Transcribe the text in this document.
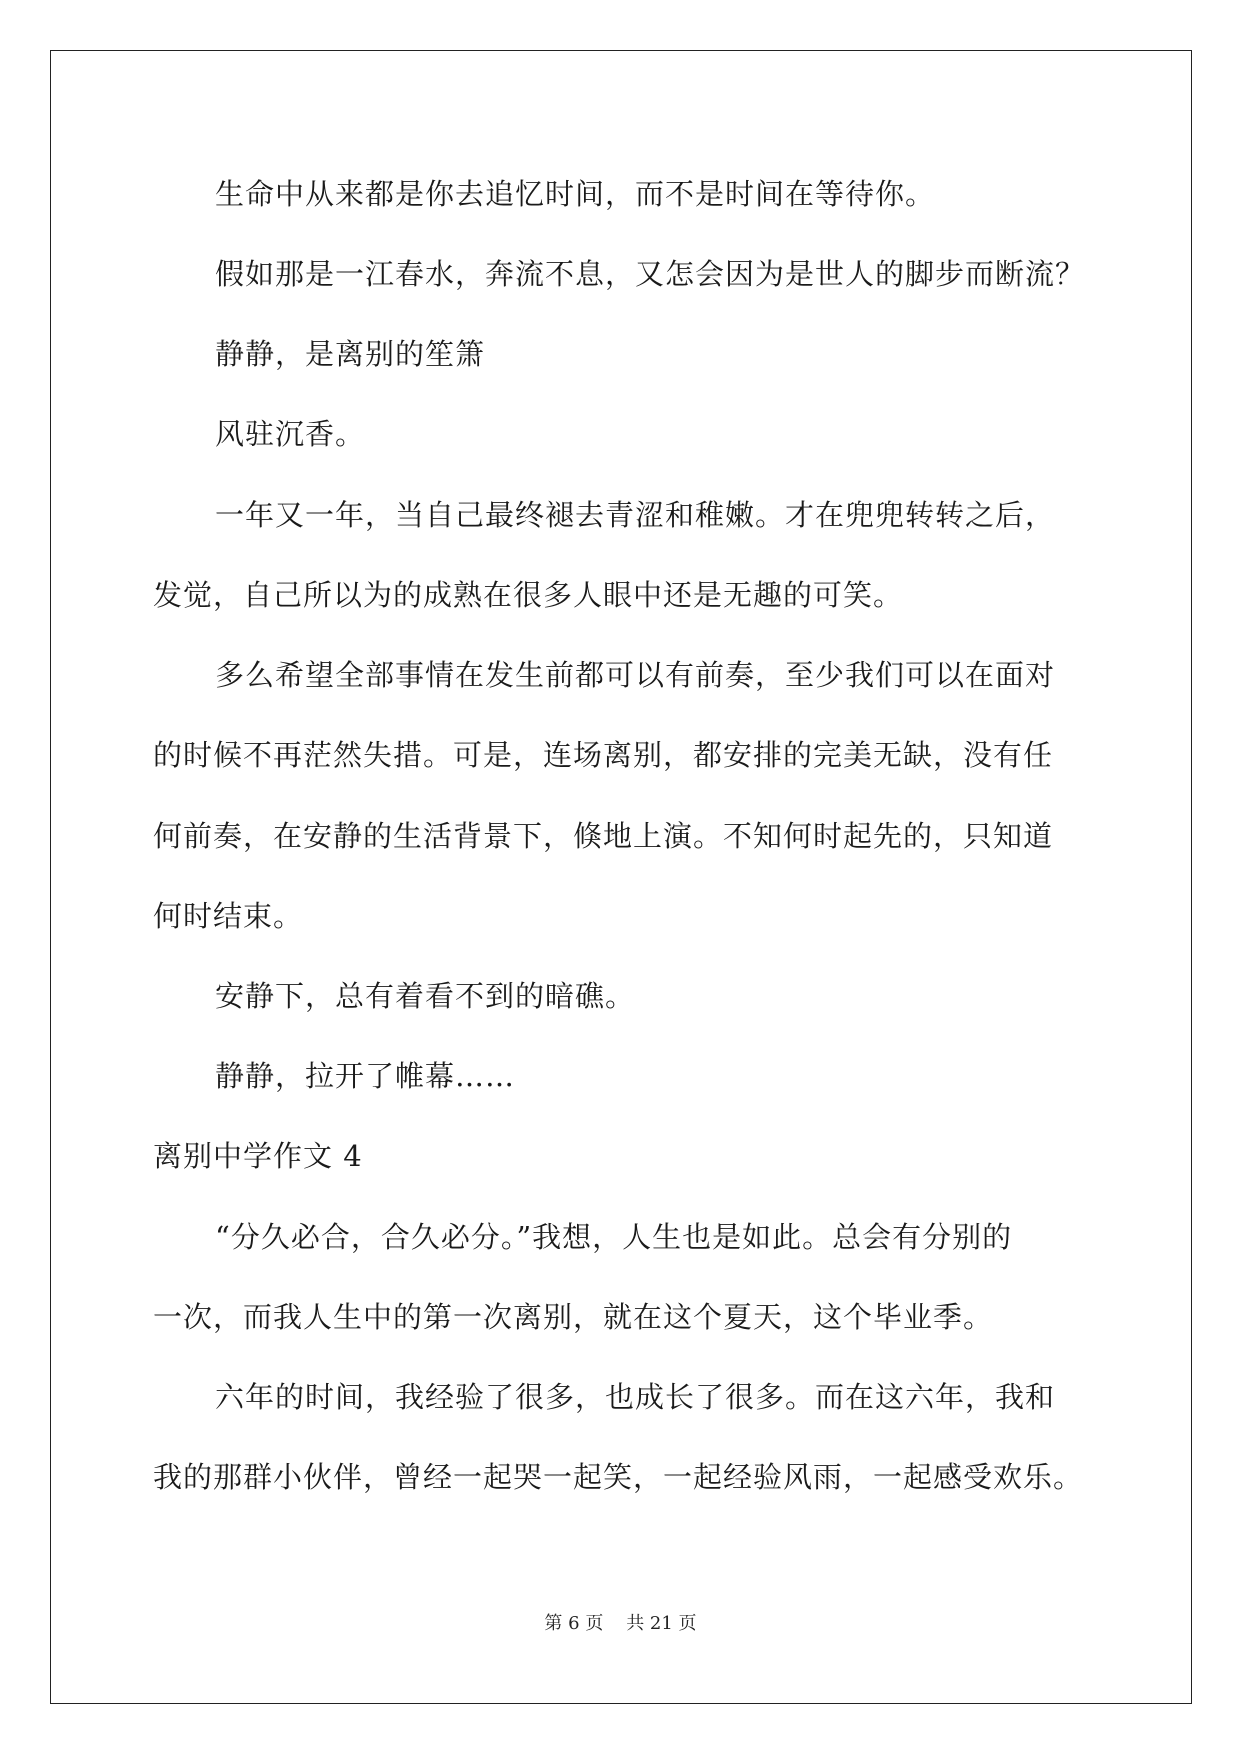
生命中从来都是你去追忆时间，而不是时间在等待你。
假如那是一江春水，奔流不息，又怎会因为是世人的脚步而断流？
静静，是离别的笙箫
风驻沉香。
一年又一年，当自己最终褪去青涩和稚嫩。才在兜兜转转之后，
发觉，自己所以为的成熟在很多人眼中还是无趣的可笑。
多么希望全部事情在发生前都可以有前奏，至少我们可以在面对
的时候不再茫然失措。可是，连场离别，都安排的完美无缺，没有任
何前奏，在安静的生活背景下，倏地上演。不知何时起先的，只知道
何时结束。
安静下，总有着看不到的暗礁。
静静，拉开了帷幕……
离别中学作文 4
“分久必合，合久必分。”我想，人生也是如此。总会有分别的
一次，而我人生中的第一次离别，就在这个夏天，这个毕业季。
六年的时间，我经验了很多，也成长了很多。而在这六年，我和
我的那群小伙伴，曾经一起哭一起笑，一起经验风雨，一起感受欢乐。
第 6 页    共 21 页
